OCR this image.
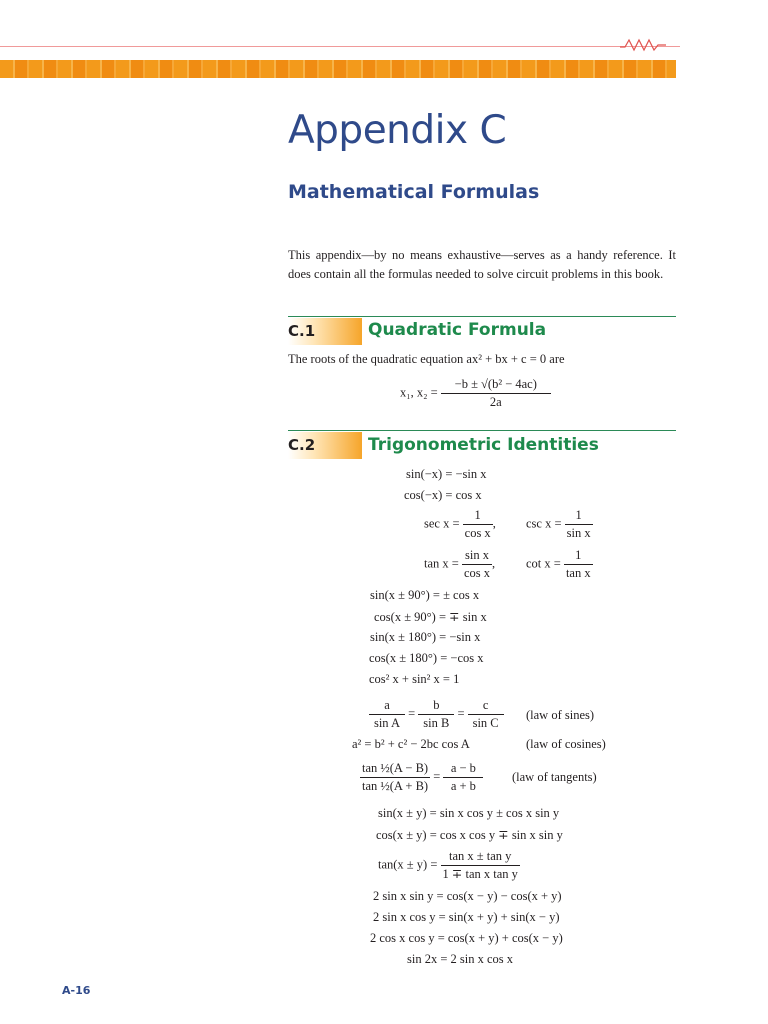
Appendix C
Mathematical Formulas

This appendix—by no means exhaustive—serves as a handy reference. It does contain all the formulas needed to solve circuit problems in this book.

C.1	Quadratic Formula

The roots of the quadratic equation ax² + bx + c = 0 are

x₁, $x_2 = \frac{\text{−b ± √(b² − 4ac)}}{2a}$
C.2	Trigonometric Identities
sin(−x) = −sin x
cos(−x) = cos x
$\sec x = \frac{1}{\text{cos x}}$ , $\csc x = \frac{1}{\text{sin x}}$
$\tan x = \frac{\text{sin x}}{\text{cos x}}$ , $\cot x = \frac{1}{\text{tan x}}$
sin(x ± 90°) = ± cos x
cos(x ± 90°) = ∓ sin x
sin(x ± 180°) = −sin x
cos(x ± 180°) = −cos x
cos² x + sin² x = 1
$\frac{a}{\text{sin A}} = \frac{b}{\text{sin B}} = \frac{c}{\text{sin C}} (law$ of sines)
a² = b² + c² − 2bc cos A	(law of cosines)
$\frac{\text{tan ½(A − B)}}{\text{tan ½(A + B)}} = \frac{a - b}{a + b} (law$ of tangents)
sin(x ± y) = sin x cos y ± cos x sin y
cos(x ± y) = cos x cos y ∓ sin x sin y
$\tan(x \pm y) = \frac{\text{tan x ± tan y}}{\text{1 ∓ tan x tan y}}$
2 sin x sin y = cos(x − y) − cos(x + y)
2 sin x cos y = sin(x + y) + sin(x − y)
2 cos x cos y = cos(x + y) + cos(x − y)
sin 2x = 2 sin x cos x
A-16
